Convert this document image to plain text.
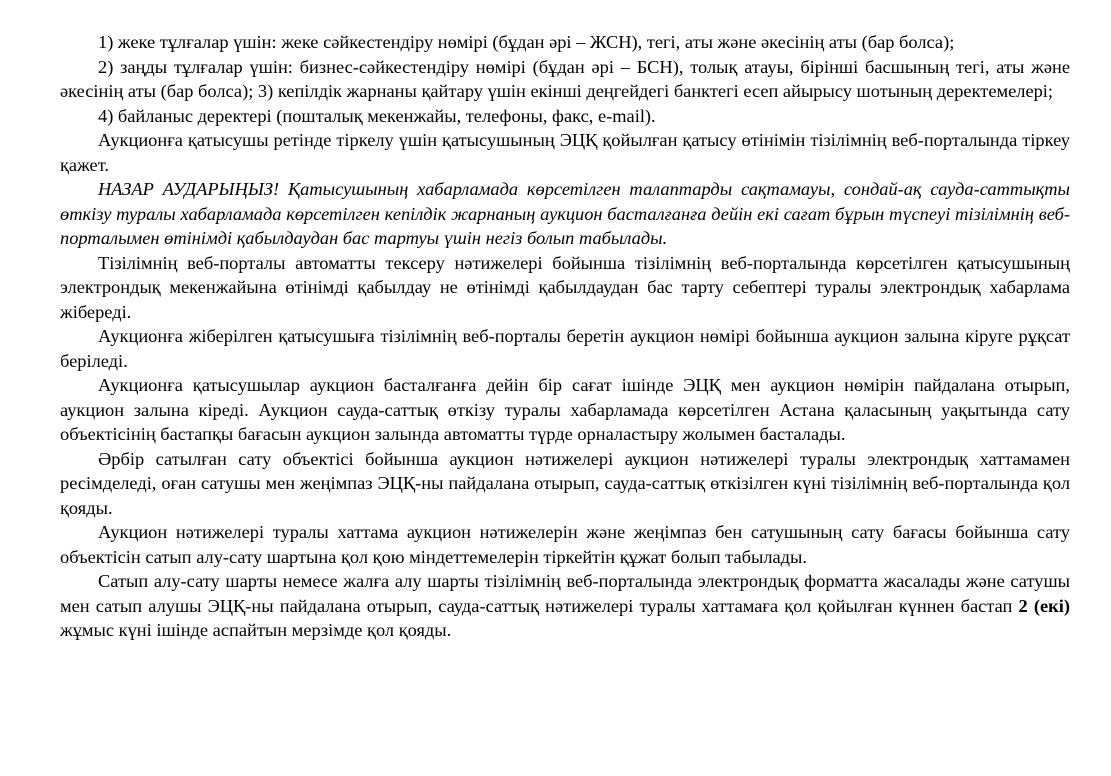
1) жеке тұлғалар үшін: жеке сәйкестендіру нөмірі (бұдан әрі – ЖСН), тегі, аты және әкесінің аты (бар болса);

2) заңды тұлғалар үшін: бизнес-сәйкестендіру нөмірі (бұдан әрі – БСН), толық атауы, бірінші басшының тегі, аты және әкесінің аты (бар болса); 3) кепілдік жарнаны қайтару үшін екінші деңгейдегі банктегі есеп айырысу шотының деректемелері;

4) байланыс деректері (пошталық мекенжайы, телефоны, факс, e-mail).

Аукционға қатысушы ретінде тіркелу үшін қатысушының ЭЦҚ қойылған қатысу өтінімін тізілімнің веб-порталында тіркеу қажет.

НАЗАР АУДАРЫҢЫЗ! Қатысушының хабарламада көрсетілген талаптарды сақтамауы, сондай-ақ сауда-саттықты өткізу туралы хабарламада көрсетілген кепілдік жарнаның аукцион басталғанға дейін екі сағат бұрын түспеуі тізілімнің веб-порталымен өтінімді қабылдаудан бас тартуы үшін негіз болып табылады.

Тізілімнің веб-порталы автоматты тексеру нәтижелері бойынша тізілімнің веб-порталында көрсетілген қатысушының электрондық мекенжайына өтінімді қабылдау не өтінімді қабылдаудан бас тарту себептері туралы электрондық хабарлама жібереді.

Аукционға жіберілген қатысушыға тізілімнің веб-порталы беретін аукцион нөмірі бойынша аукцион залына кіруге рұқсат беріледі.

Аукционға қатысушылар аукцион басталғанға дейін бір сағат ішінде ЭЦҚ мен аукцион нөмірін пайдалана отырып, аукцион залына кіреді. Аукцион сауда-саттық өткізу туралы хабарламада көрсетілген Астана қаласының уақытында сату объектісінің бастапқы бағасын аукцион залында автоматты түрде орналастыру жолымен басталады.

Әрбір сатылған сату объектісі бойынша аукцион нәтижелері аукцион нәтижелері туралы электрондық хаттамамен ресімделеді, оған сатушы мен жеңімпаз ЭЦҚ-ны пайдалана отырып, сауда-саттық өткізілген күні тізілімнің веб-порталында қол қояды.

Аукцион нәтижелері туралы хаттама аукцион нәтижелерін және жеңімпаз бен сатушының сату бағасы бойынша сату объектісін сатып алу-сату шартына қол қою міндеттемелерін тіркейтін құжат болып табылады.

Сатып алу-сату шарты немесе жалға алу шарты тізілімнің веб-порталында электрондық форматта жасалады және сатушы мен сатып алушы ЭЦҚ-ны пайдалана отырып, сауда-саттық нәтижелері туралы хаттамаға қол қойылған күннен бастап 2 (екі) жұмыс күні ішінде аспайтын мерзімде қол қояды.
